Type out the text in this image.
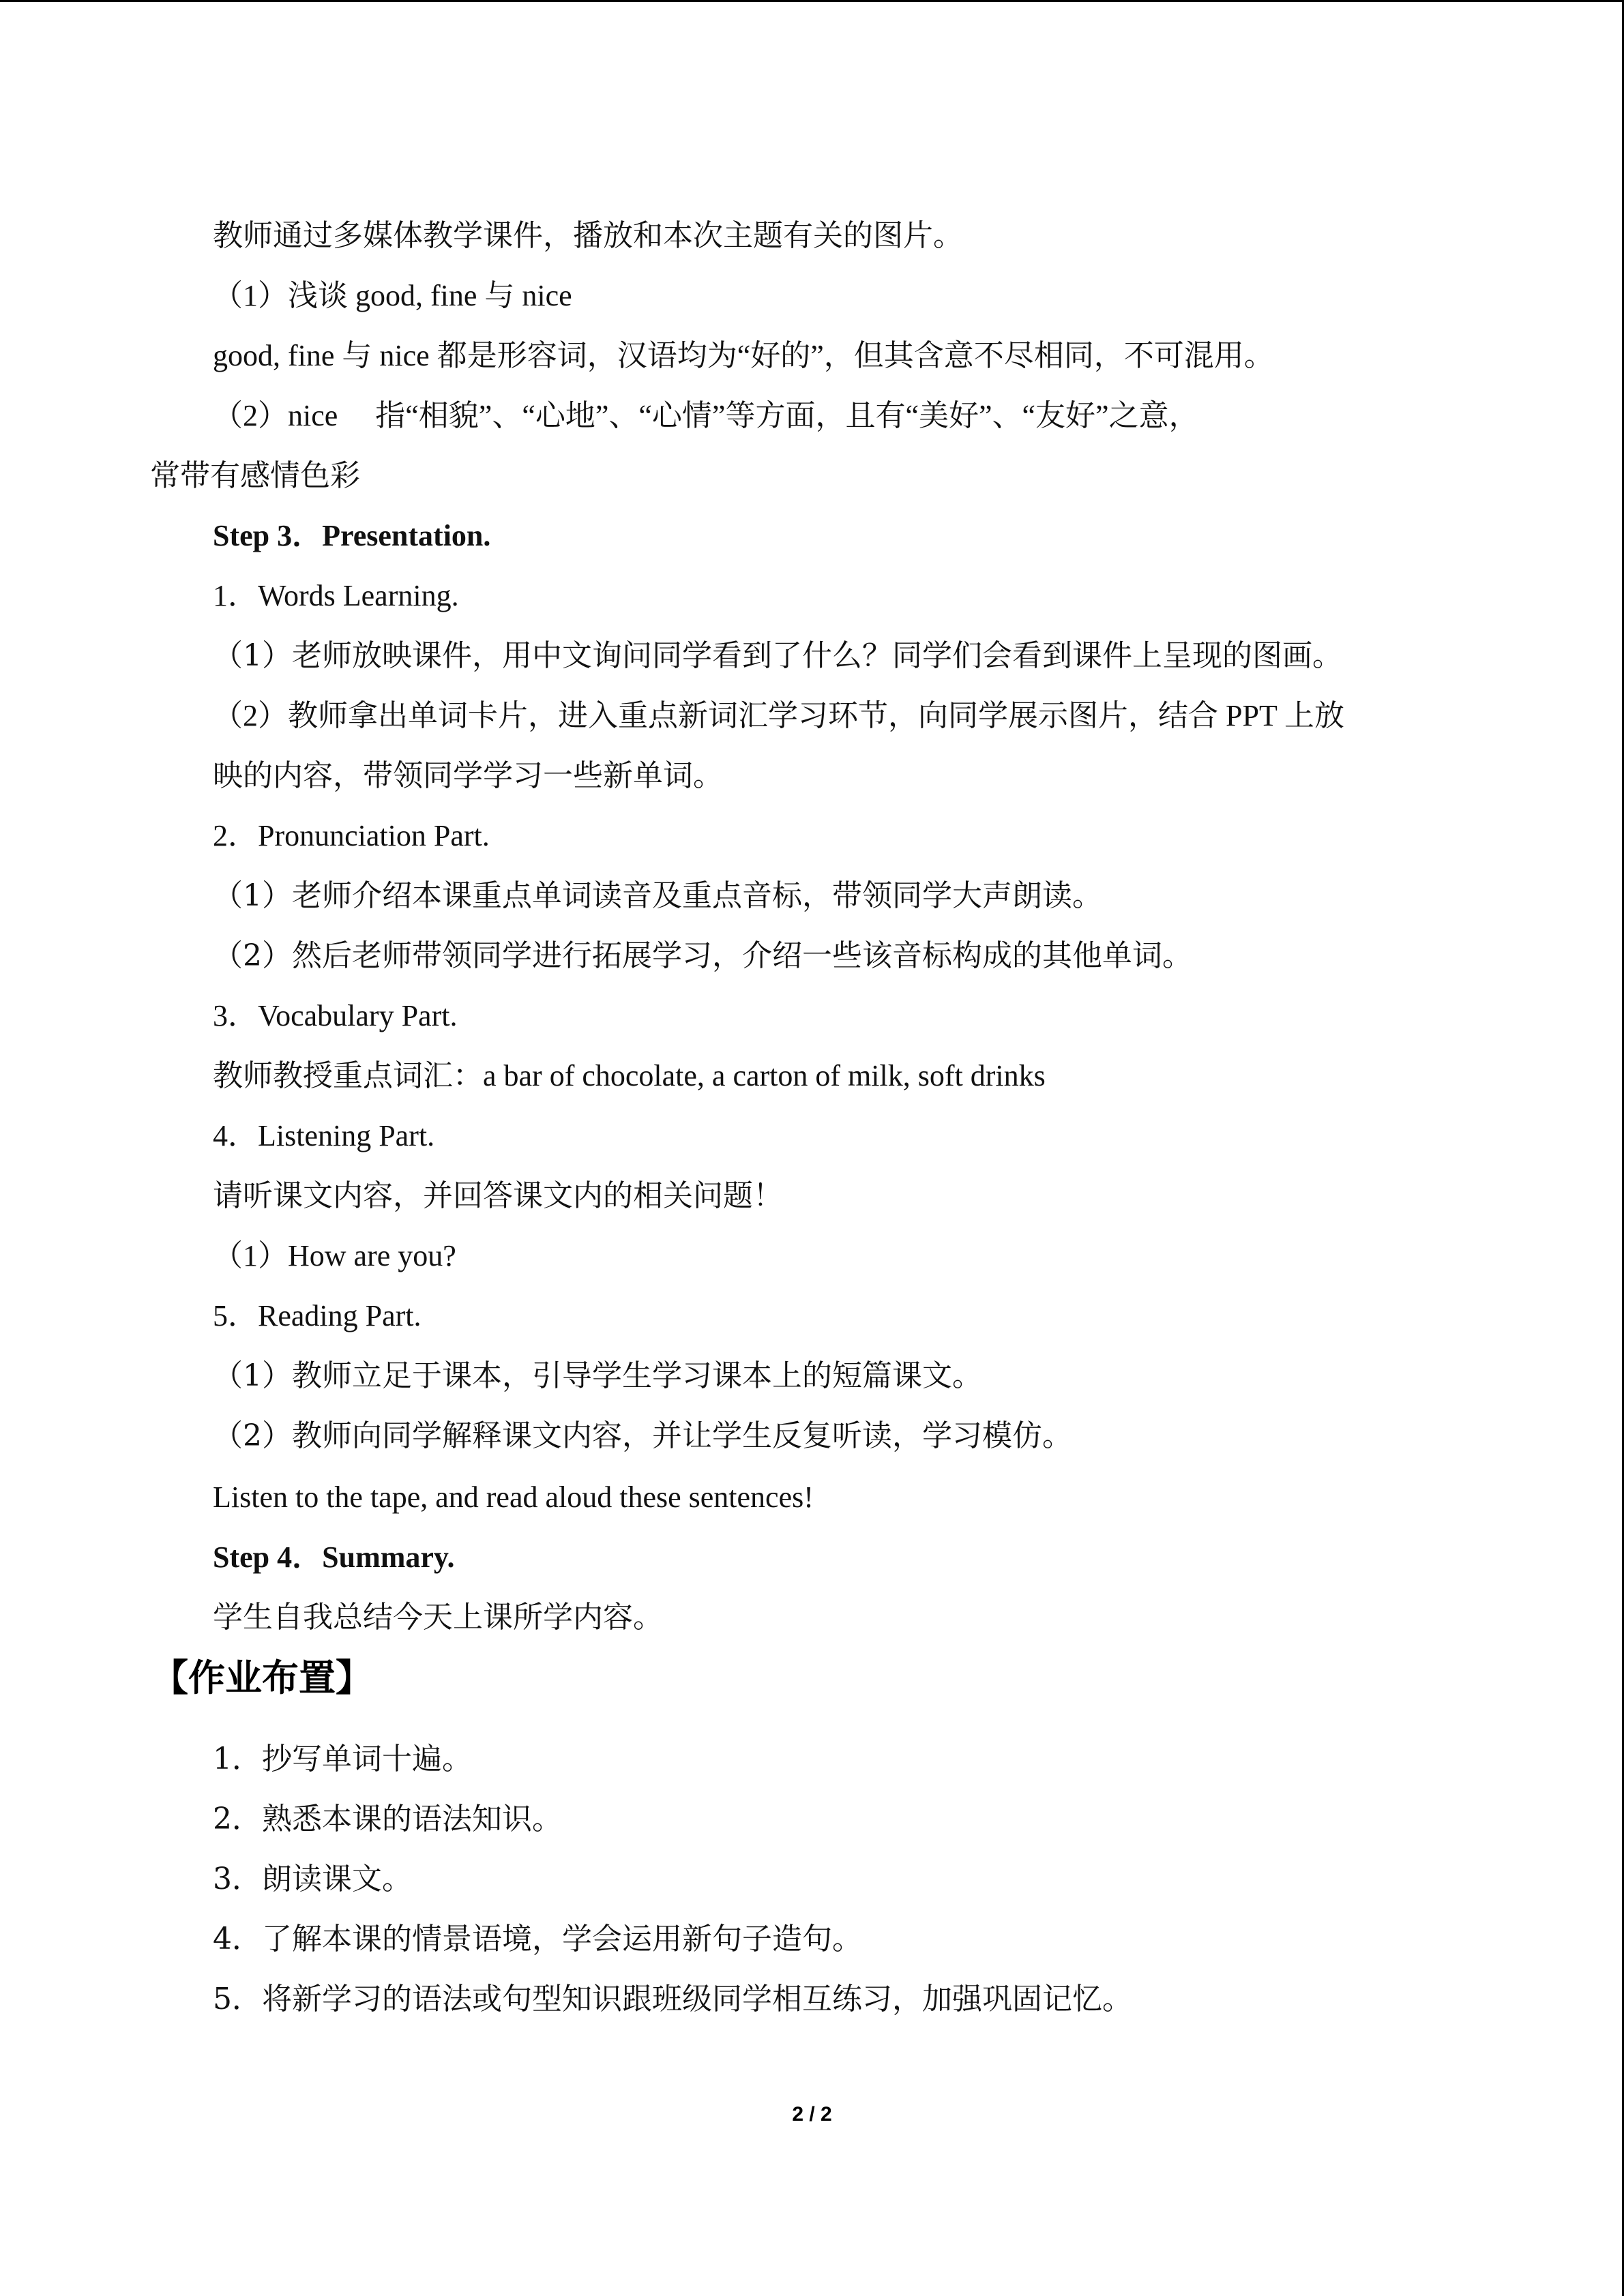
教师通过多媒体教学课件，播放和本次主题有关的图片。

（1）浅谈 good, fine 与 nice

good, fine 与 nice 都是形容词，汉语均为“好的”，但其含意不尽相同，不可混用。

（2）nice　 指“相貌”、“心地”、“心情”等方面，且有“美好”、“友好”之意，

常带有感情色彩

Step 3．Presentation.

1．Words Learning.

（1）老师放映课件，用中文询问同学看到了什么？同学们会看到课件上呈现的图画。

（2）教师拿出单词卡片，进入重点新词汇学习环节，向同学展示图片，结合 PPT 上放

映的内容，带领同学学习一些新单词。

2．Pronunciation Part.

（1）老师介绍本课重点单词读音及重点音标，带领同学大声朗读。

（2）然后老师带领同学进行拓展学习，介绍一些该音标构成的其他单词。

3．Vocabulary Part.

教师教授重点词汇：a bar of chocolate, a carton of milk, soft drinks

4．Listening Part.

请听课文内容，并回答课文内的相关问题！

（1）How are you?

5．Reading Part.

（1）教师立足于课本，引导学生学习课本上的短篇课文。

（2）教师向同学解释课文内容，并让学生反复听读，学习模仿。

Listen to the tape, and read aloud these sentences!

Step 4．Summary.

学生自我总结今天上课所学内容。

【作业布置】

1．抄写单词十遍。

2．熟悉本课的语法知识。

3．朗读课文。

4．了解本课的情景语境，学会运用新句子造句。

5．将新学习的语法或句型知识跟班级同学相互练习，加强巩固记忆。

2 / 2
